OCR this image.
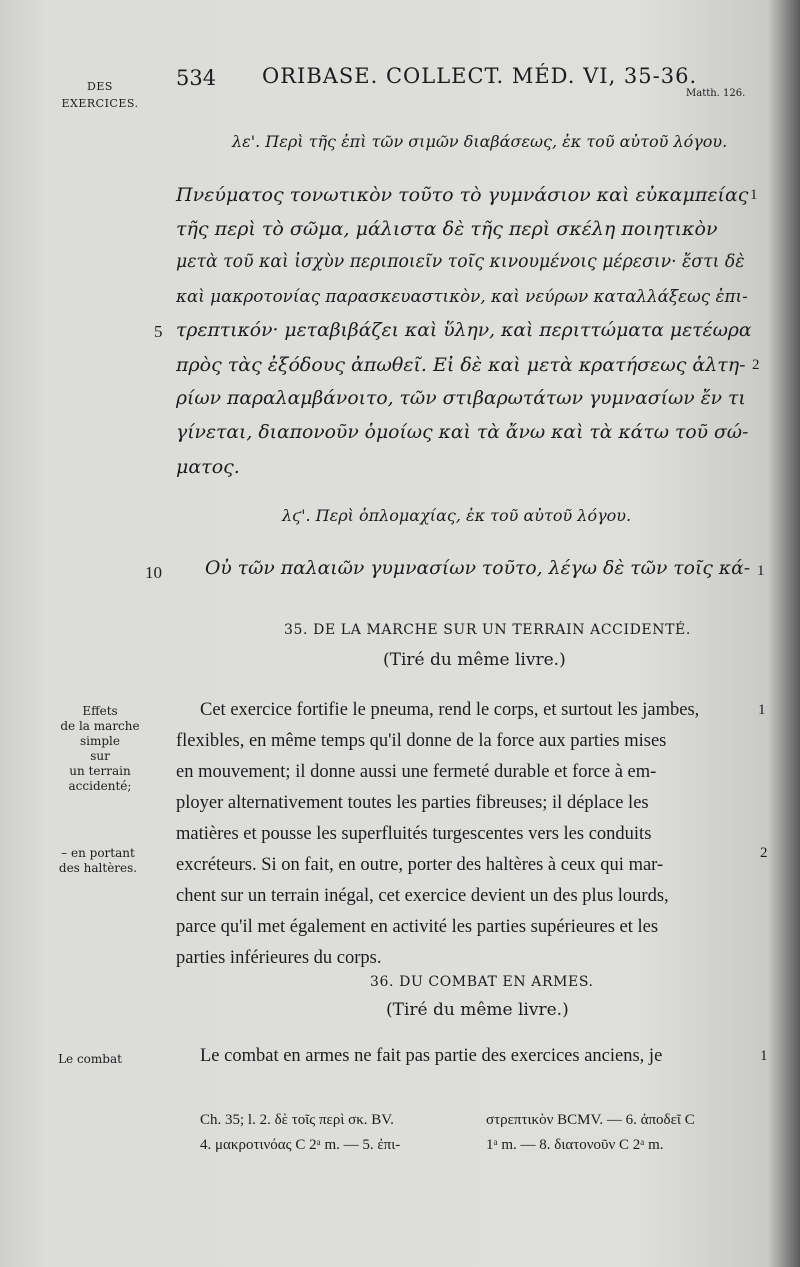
DES
EXERCICES.
534 ORIBASE. COLLECT. MÉD. VI, 35-36.
Matth. 126.
λε'. Περὶ τῆς ἐπὶ τῶν σιμῶν διαβάσεως, ἐκ τοῦ αὐτοῦ λόγου.
Πνεύματος τονωτικὸν τοῦτο τὸ γυμνάσιον καὶ εὐκαμπείας 1
τῆς περὶ τὸ σῶμα, μάλιστα δὲ τῆς περὶ σκέλη ποιητικὸν
μετὰ τοῦ καὶ ἰσχὺν περιποιεῖν τοῖς κινουμένοις μέρεσιν· ἔστι δὲ
καὶ μακροτονίας παρασκευαστικὸν, καὶ νεύρων καταλλάξεως ἐπι-
5 τρεπτικόν· μεταβιβάζει καὶ ὕλην, καὶ περιττώματα μετέωρα
πρὸς τὰς ἐξόδους ἀπωθεῖ. Εἰ δὲ καὶ μετὰ κρατήσεως ἁλτη- 2
ρίων παραλαμβάνοιτο, τῶν στιβαρωτάτων γυμνασίων ἔν τι
γίνεται, διαπονοῦν ὁμοίως καὶ τὰ ἄνω καὶ τὰ κάτω τοῦ σώ-
ματος.
λϛ'. Περὶ ὁπλομαχίας, ἐκ τοῦ αὐτοῦ λόγου.
10 Οὐ τῶν παλαιῶν γυμνασίων τοῦτο, λέγω δὲ τῶν τοῖς κά- 1
35. DE LA MARCHE SUR UN TERRAIN ACCIDENTÉ.
(Tiré du même livre.)
Effets
de la marche
simple
sur
un terrain
accidenté;
Cet exercice fortifie le pneuma, rend le corps, et surtout les jambes,	1
flexibles, en même temps qu'il donne de la force aux parties mises
en mouvement; il donne aussi une fermeté durable et force à em-
ployer alternativement toutes les parties fibreuses; il déplace les
matières et pousse les superfluités turgescentes vers les conduits
– en portant
des haltères.	excréteurs. Si on fait, en outre, porter des haltères à ceux qui mar-
2
chent sur un terrain inégal, cet exercice devient un des plus lourds,
parce qu'il met également en activité les parties supérieures et les
parties inférieures du corps.
36. DU COMBAT EN ARMES.
(Tiré du même livre.)
Le combat	Le combat en armes ne fait pas partie des exercices anciens, je	1
Ch. 35; l. 2. δὲ τοῖς περὶ σκ. BV.	στρεπτικὸν BCMV. — 6. ἀποδεῖ C
4. μακροτινόας C 2ᵃ m. — 5. ἐπι-	1ᵃ m. — 8. διατονοῦν C 2ᵃ m.
